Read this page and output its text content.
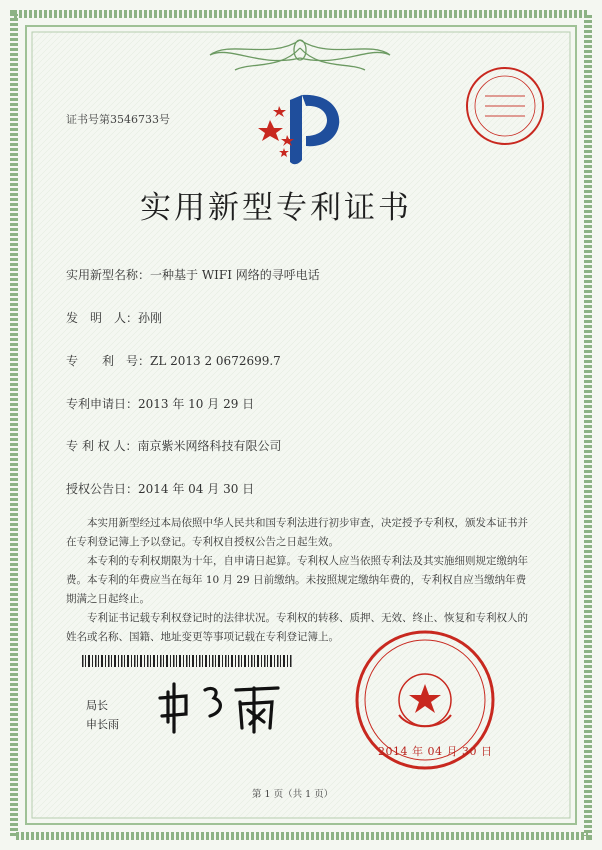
证书号第3546733号
实用新型专利证书
实用新型名称：一种基于 WIFI 网络的寻呼电话
发　明　人：孙刚
专　　利　号：ZL 2013 2 0672699.7
专利申请日：2013 年 10 月 29 日
专 利 权 人：南京紫米网络科技有限公司
授权公告日：2014 年 04 月 30 日

本实用新型经过本局依照中华人民共和国专利法进行初步审查，决定授予专利权，颁发本证书并在专利登记簿上予以登记。专利权自授权公告之日起生效。

本专利的专利权期限为十年，自申请日起算。专利权人应当依照专利法及其实施细则规定缴纳年费。本专利的年费应当在每年 10 月 29 日前缴纳。未按照规定缴纳年费的，专利权自应当缴纳年费期满之日起终止。

专利证书记载专利权登记时的法律状况。专利权的转移、质押、无效、终止、恢复和专利权人的姓名或名称、国籍、地址变更等事项记载在专利登记簿上。

局长
申长雨
2014 年 04 月 30 日
第 1 页（共 1 页）
